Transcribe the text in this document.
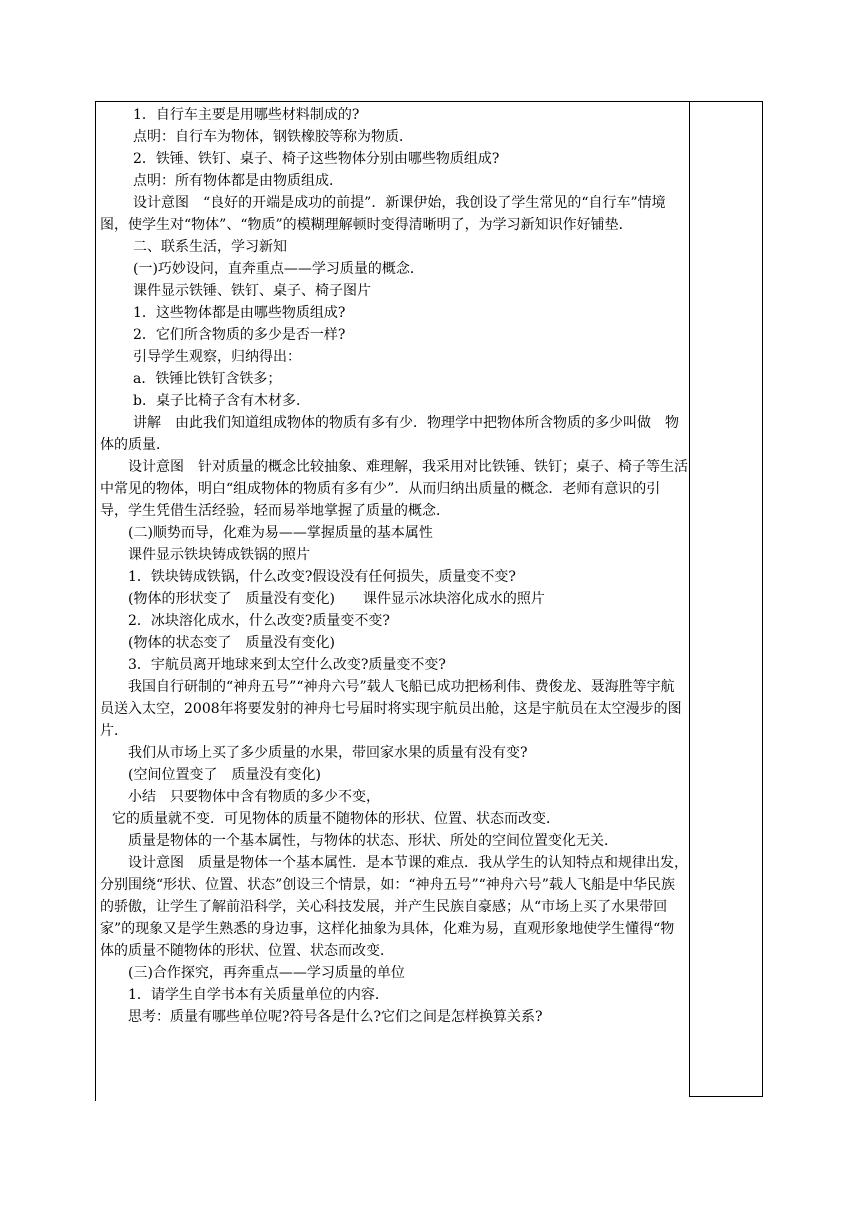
1．自行车主要是用哪些材料制成的?

点明：自行车为物体，钢铁橡胶等称为物质．

2．铁锤、铁钉、桌子、椅子这些物体分别由哪些物质组成?

点明：所有物体都是由物质组成．

设计意图　“良好的开端是成功的前提”．新课伊始，我创设了学生常见的“自行车”情境图，使学生对“物体”、“物质”的模糊理解顿时变得清晰明了，为学习新知识作好铺垫．

二、联系生活，学习新知

(一)巧妙设问，直奔重点——学习质量的概念．

课件显示铁锤、铁钉、桌子、椅子图片

1．这些物体都是由哪些物质组成?

2．它们所含物质的多少是否一样?

引导学生观察，归纳得出：

a．铁锤比铁钉含铁多；

b．桌子比椅子含有木材多．

讲解　由此我们知道组成物体的物质有多有少．物理学中把物体所含物质的多少叫做　物体的质量．

设计意图　针对质量的概念比较抽象、难理解，我采用对比铁锤、铁钉；桌子、椅子等生活中常见的物体，明白“组成物体的物质有多有少”．从而归纳出质量的概念．老师有意识的引导，学生凭借生活经验，轻而易举地掌握了质量的概念．

(二)顺势而导，化难为易——掌握质量的基本属性

课件显示铁块铸成铁锅的照片

1．铁块铸成铁锅，什么改变?假设没有任何损失，质量变不变?

(物体的形状变了　质量没有变化)　　课件显示冰块溶化成水的照片

2．冰块溶化成水，什么改变?质量变不变?

(物体的状态变了　质量没有变化)

3．宇航员离开地球来到太空什么改变?质量变不变?

我国自行研制的“神舟五号”“神舟六号”载人飞船已成功把杨利伟、费俊龙、聂海胜等宇航员送入太空，2008年将要发射的神舟七号届时将实现宇航员出舱，这是宇航员在太空漫步的图片．

我们从市场上买了多少质量的水果，带回家水果的质量有没有变?

(空间位置变了　质量没有变化)

小结　只要物体中含有物质的多少不变，

它的质量就不变．可见物体的质量不随物体的形状、位置、状态而改变．

质量是物体的一个基本属性，与物体的状态、形状、所处的空间位置变化无关．

设计意图　质量是物体一个基本属性．是本节课的难点．我从学生的认知特点和规律出发，分别围绕“形状、位置、状态”创设三个情景，如：“神舟五号”“神舟六号”载人飞船是中华民族的骄傲，让学生了解前沿科学，关心科技发展，并产生民族自豪感；从“市场上买了水果带回家”的现象又是学生熟悉的身边事，这样化抽象为具体，化难为易，直观形象地使学生懂得“物体的质量不随物体的形状、位置、状态而改变．

(三)合作探究，再奔重点——学习质量的单位

1．请学生自学书本有关质量单位的内容．

思考：质量有哪些单位呢?符号各是什么?它们之间是怎样换算关系?
